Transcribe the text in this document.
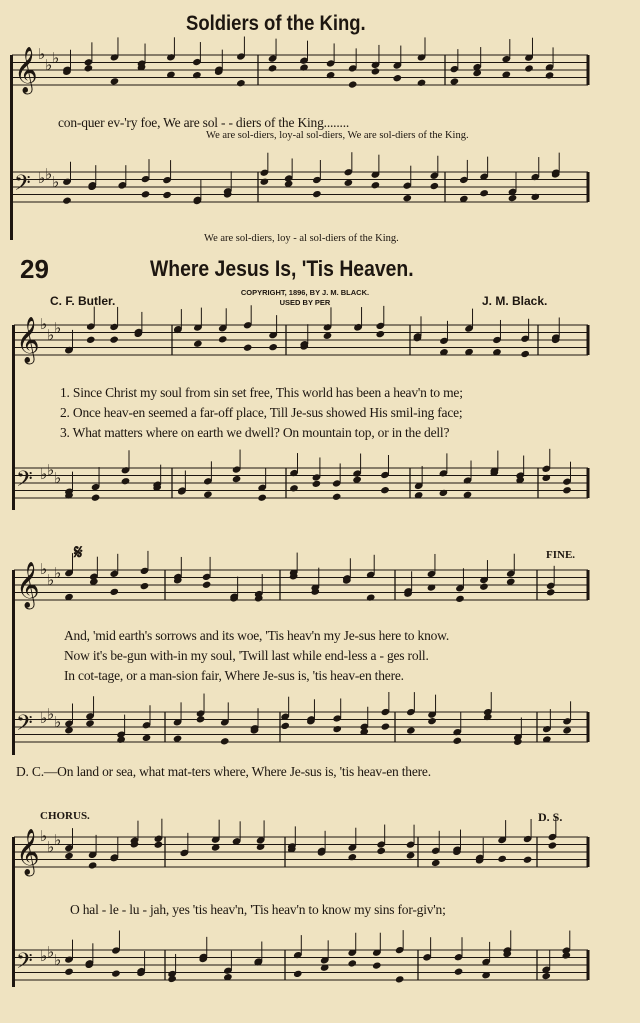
𝄞 ♭
♭ ♭
𝄢 ♭ ♭ ♭
𝄞 ♭
♭ ♭
𝄢 ♭ ♭ ♭
𝄞 ♭
♭ ♭
𝄢 ♭ ♭ ♭
𝄞 ♭
♭ ♭
𝄢 ♭ ♭ ♭
Soldiers of the King.
con-quer ev-'ry foe, We are sol - - diers of the King........
We are sol-diers, loy-al sol-diers, We are sol-diers of the King.
We are sol-diers, loy - al sol-diers of the King.
29	Where Jesus Is, 'Tis Heaven.
COPYRIGHT, 1896, BY J. M. BLACK.
USED BY PER
C. F. Butler.	J. M. Black.
1. Since Christ my soul from sin set free, This world has been a heav'n to me;
2. Once heav-en seemed a far-off place, Till Je-sus showed His smil-ing face;
3. What matters where on earth we dwell? On mountain top, or in the dell?
𝄋	FINE.
And, 'mid earth's sorrows and its woe, 'Tis heav'n my Je-sus here to know.
Now it's be-gun with-in my soul, 'Twill last while end-less a - ges roll.
In cot-tage, or a man-sion fair, Where Je-sus is, 'tis heav-en there.
D. C.—On land or sea, what mat-ters where, Where Je-sus is, 'tis heav-en there.
CHORUS.	D. S.
O hal - le - lu - jah, yes 'tis heav'n, 'Tis heav'n to know my sins for-giv'n;
